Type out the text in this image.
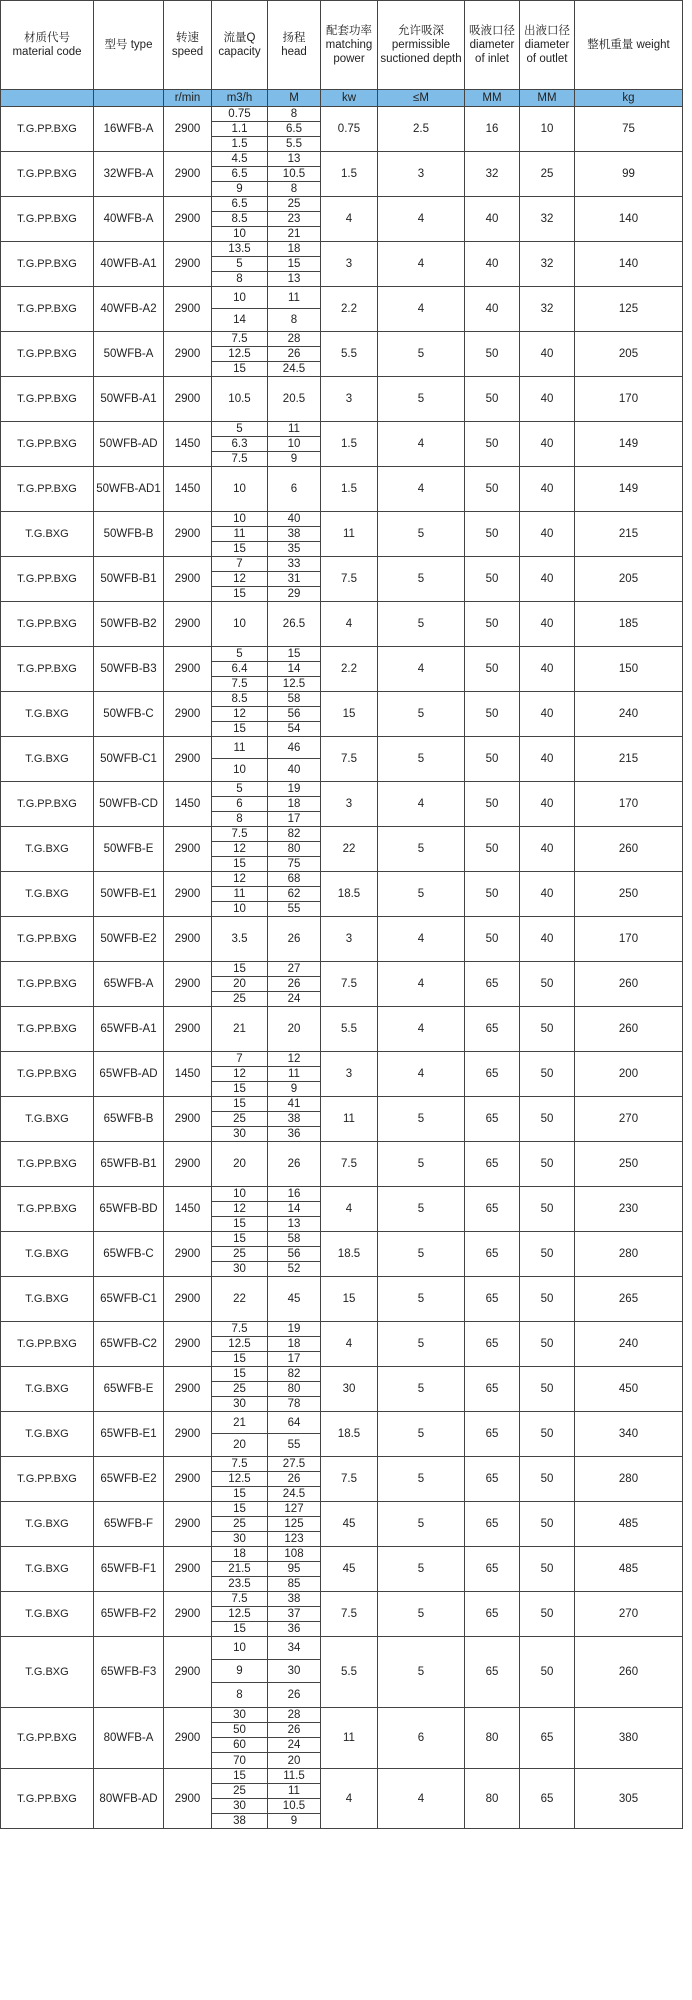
材质代号 material code	型号 type	转速 speed	流量Q capacity	扬程 head	配套功率 matching power	允许吸深 permissible suctioned depth	吸液口径 diameter of inlet	出液口径 diameter of outlet	整机重量 weight
		r/min	m3/h	M	kw	≤M	MM	MM	kg
T.G.PP.BXG	16WFB-A	2900	0.75	8	0.75	2.5	16	10	75
			1.1	6.5					
			1.5	5.5					
T.G.PP.BXG	32WFB-A	2900	4.5	13	1.5	3	32	25	99
			6.5	10.5					
			9	8					
T.G.PP.BXG	40WFB-A	2900	6.5	25	4	4	40	32	140
			8.5	23					
			10	21					
T.G.PP.BXG	40WFB-A1	2900	13.5	18	3	4	40	32	140
			5	15					
			8	13					
T.G.PP.BXG	40WFB-A2	2900	10	11	2.2	4	40	32	125
			14	8					
T.G.PP.BXG	50WFB-A	2900	7.5	28	5.5	5	50	40	205
			12.5	26					
			15	24.5					
T.G.PP.BXG	50WFB-A1	2900	10.5	20.5	3	5	50	40	170
T.G.PP.BXG	50WFB-AD	1450	5	11	1.5	4	50	40	149
			6.3	10					
			7.5	9					
T.G.PP.BXG	50WFB-AD1	1450	10	6	1.5	4	50	40	149
T.G.BXG	50WFB-B	2900	10	40	11	5	50	40	215
			11	38					
			15	35					
T.G.PP.BXG	50WFB-B1	2900	7	33	7.5	5	50	40	205
			12	31					
			15	29					
T.G.PP.BXG	50WFB-B2	2900	10	26.5	4	5	50	40	185
T.G.PP.BXG	50WFB-B3	2900	5	15	2.2	4	50	40	150
			6.4	14					
			7.5	12.5					
T.G.BXG	50WFB-C	2900	8.5	58	15	5	50	40	240
			12	56					
			15	54					
T.G.BXG	50WFB-C1	2900	11	46	7.5	5	50	40	215
			10	40					
T.G.PP.BXG	50WFB-CD	1450	5	19	3	4	50	40	170
			6	18					
			8	17					
T.G.BXG	50WFB-E	2900	7.5	82	22	5	50	40	260
			12	80					
			15	75					
T.G.BXG	50WFB-E1	2900	12	68	18.5	5	50	40	250
			11	62					
			10	55					
T.G.PP.BXG	50WFB-E2	2900	3.5	26	3	4	50	40	170
T.G.PP.BXG	65WFB-A	2900	15	27	7.5	4	65	50	260
			20	26					
			25	24					
T.G.PP.BXG	65WFB-A1	2900	21	20	5.5	4	65	50	260
T.G.PP.BXG	65WFB-AD	1450	7	12	3	4	65	50	200
			12	11					
			15	9					
T.G.BXG	65WFB-B	2900	15	41	11	5	65	50	270
			25	38					
			30	36					
T.G.PP.BXG	65WFB-B1	2900	20	26	7.5	5	65	50	250
T.G.PP.BXG	65WFB-BD	1450	10	16	4	5	65	50	230
			12	14					
			15	13					
T.G.BXG	65WFB-C	2900	15	58	18.5	5	65	50	280
			25	56					
			30	52					
T.G.BXG	65WFB-C1	2900	22	45	15	5	65	50	265
T.G.PP.BXG	65WFB-C2	2900	7.5	19	4	5	65	50	240
			12.5	18					
			15	17					
T.G.BXG	65WFB-E	2900	15	82	30	5	65	50	450
			25	80					
			30	78					
T.G.BXG	65WFB-E1	2900	21	64	18.5	5	65	50	340
			20	55					
T.G.PP.BXG	65WFB-E2	2900	7.5	27.5	7.5	5	65	50	280
			12.5	26					
			15	24.5					
T.G.BXG	65WFB-F	2900	15	127	45	5	65	50	485
			25	125					
			30	123					
T.G.BXG	65WFB-F1	2900	18	108	45	5	65	50	485
			21.5	95					
			23.5	85					
T.G.BXG	65WFB-F2	2900	7.5	38	7.5	5	65	50	270
			12.5	37					
			15	36					
T.G.BXG	65WFB-F3	2900	10	34	5.5	5	65	50	260
			9	30					
			8	26					
T.G.PP.BXG	80WFB-A	2900	30	28	11	6	80	65	380
			50	26					
			60	24					
			70	20					
T.G.PP.BXG	80WFB-AD	2900	15	11.5	4	4	80	65	305
			25	11					
			30	10.5					
			38	9					
